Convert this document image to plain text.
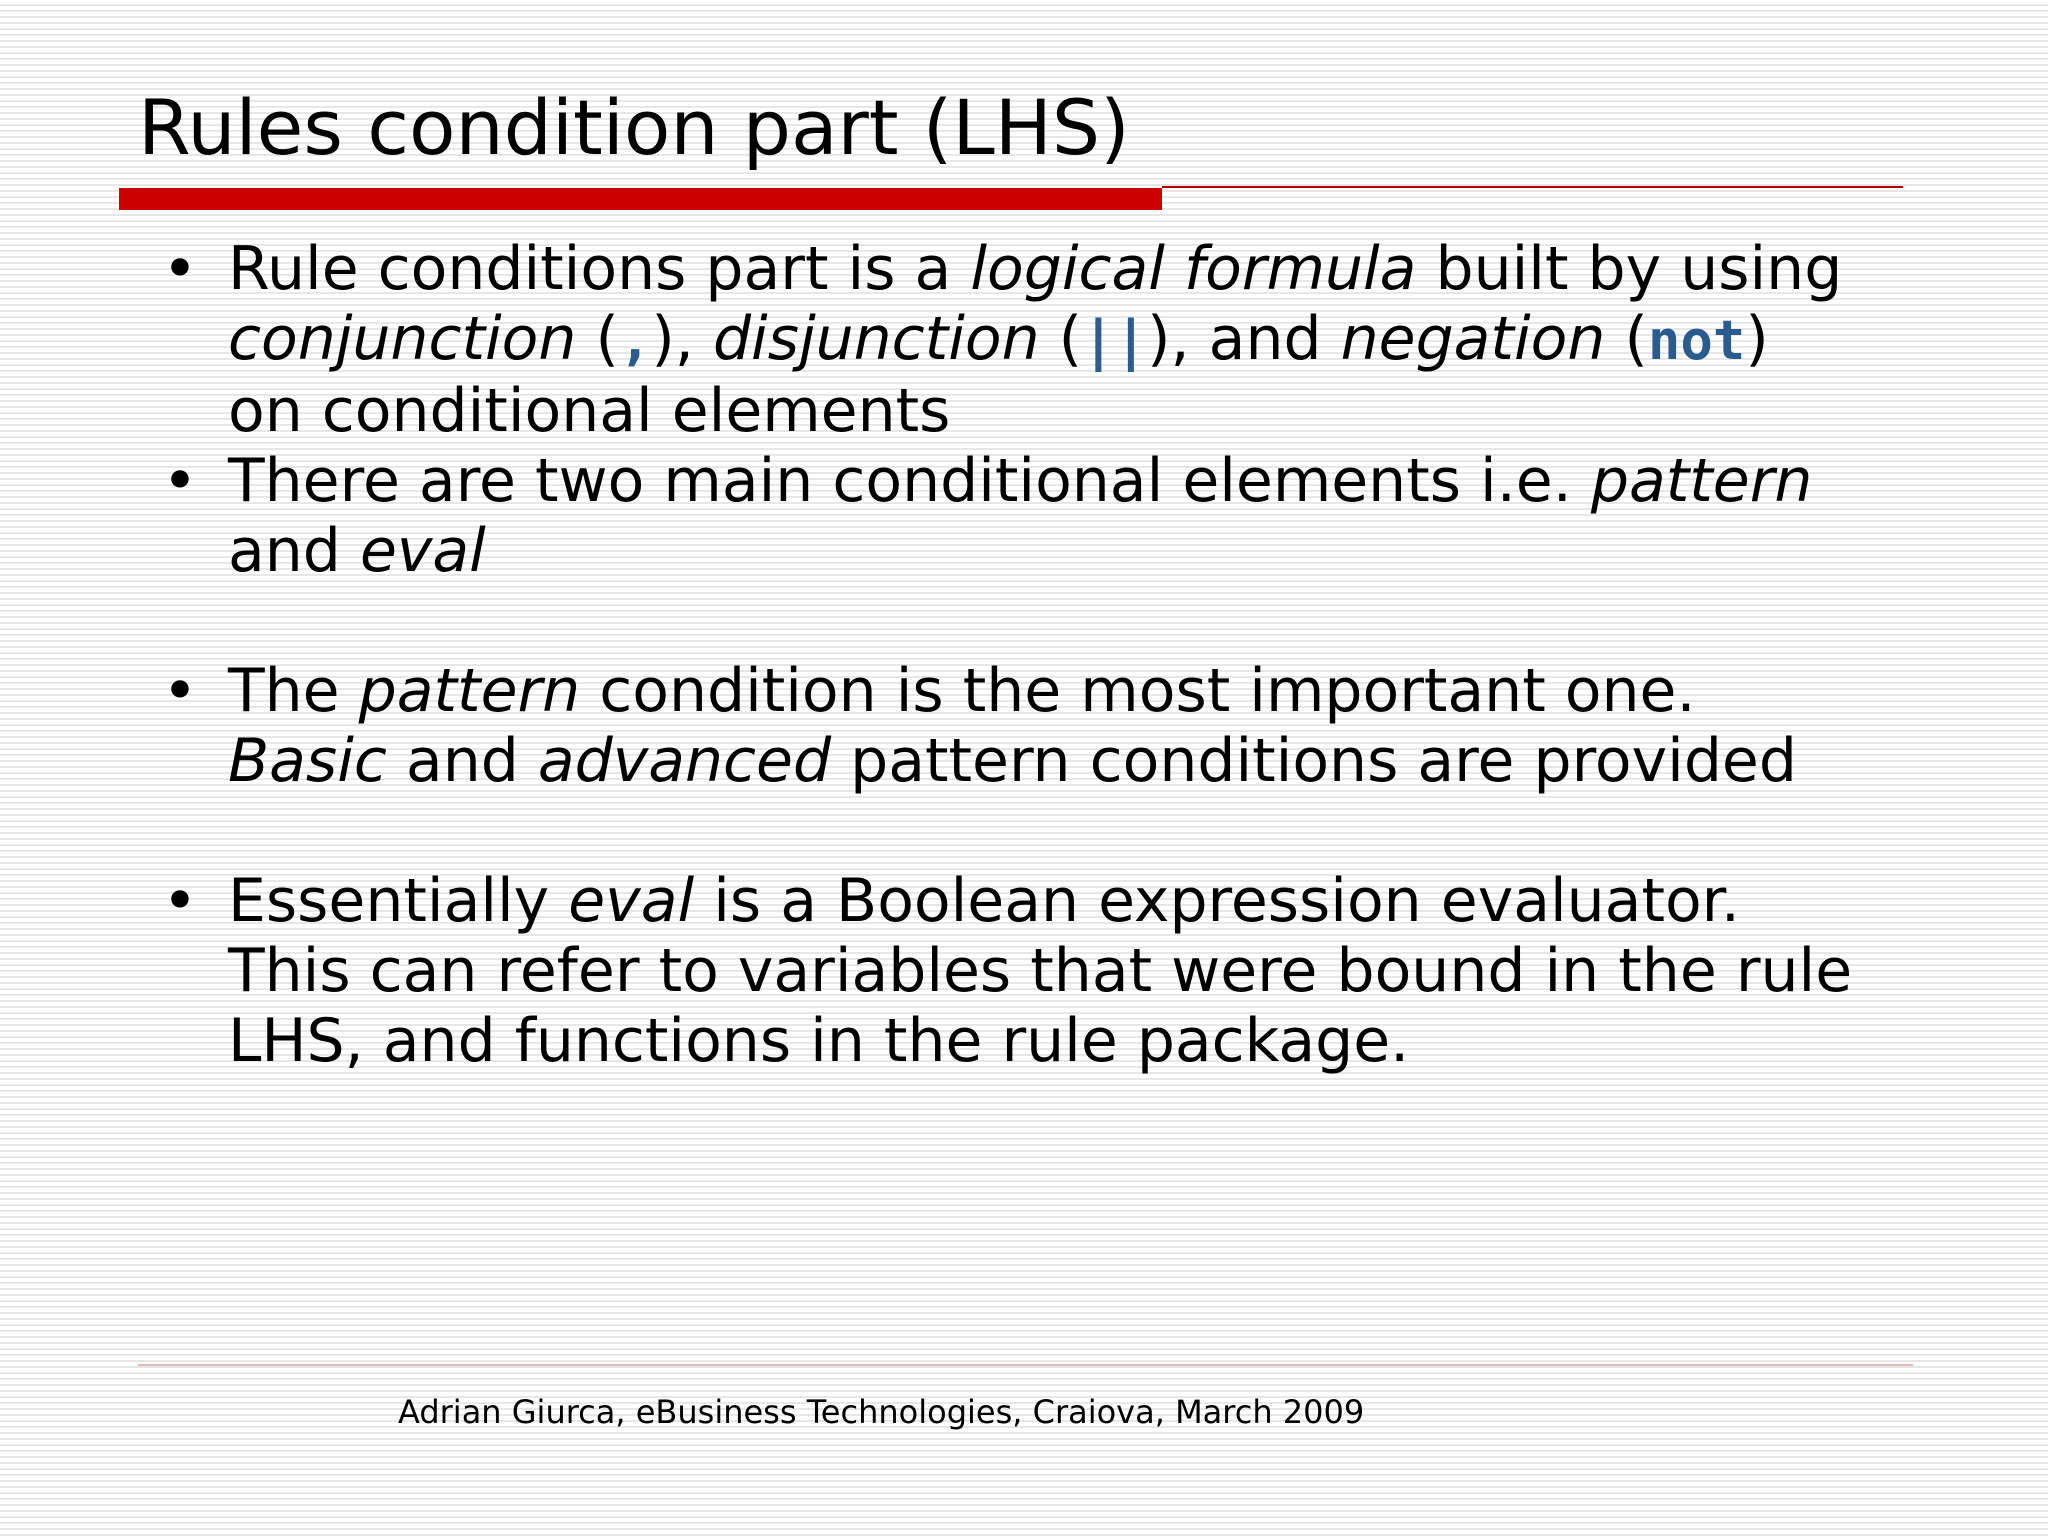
Rules condition part (LHS)
• Rule conditions part is a logical formula built by using
conjunction (,), disjunction (||), and negation (not)
on conditional elements
• There are two main conditional elements i.e. pattern
and eval
• The pattern condition is the most important one.
Basic and advanced pattern conditions are provided
• Essentially eval is a Boolean expression evaluator.
This can refer to variables that were bound in the rule
LHS, and functions in the rule package.
Adrian Giurca, eBusiness Technologies, Craiova, March 2009
